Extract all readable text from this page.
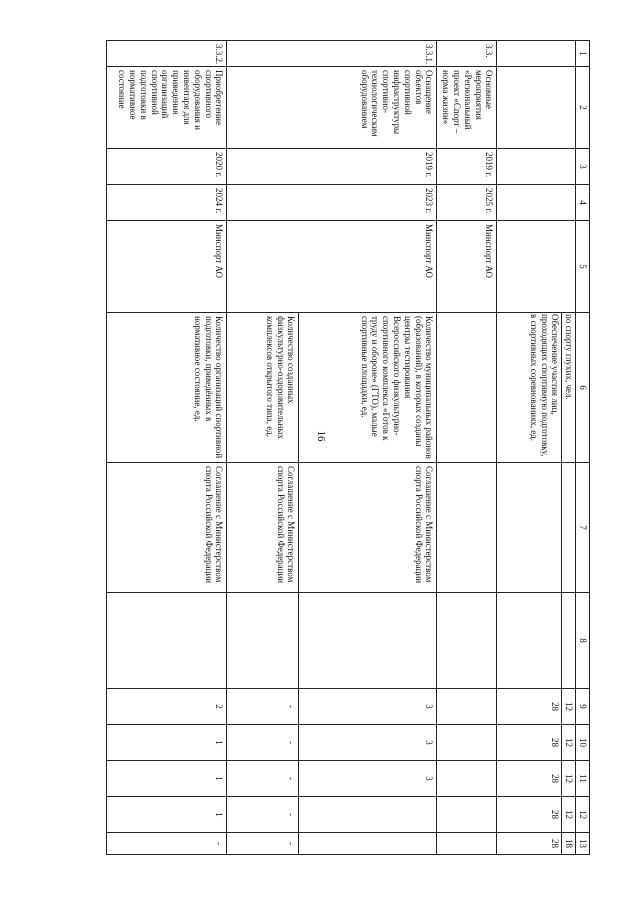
16
1	2	3	4	5	6	7	8	9	10	11	12	13
					по спорту глухих, чел.			12	12	12	12	18
					Обеспечение участия лиц, проходящих спортивную подготовку, в спортивных соревнованиях, ед.			28	28	28	28	28
3.3.	Основные мероприятия «Региональный проект «Спорт – норма жизни»	2019 г.	2025 г.	Минспорт АО								
3.3.1.	Оснащение объектов спортивной инфраструктуры спортивно-технологическим оборудованием	2019 г.	2023 г.	Минспорт АО	Количество муниципальных районов (образований), в которых созданы центры тестирования Всероссийского физкультурно-спортивного комплекса «Готов к труду и обороне» (ГТО), малые спортивные площадки, ед.	Соглашение с Министерством спорта Российской Федерации		3	3	3		
					Количество созданных физкультурно-оздоровительных комплексов открытого типа, ед.	Соглашение с Министерством спорта Российской Федерации		-	-	-	-	-
3.3.2.	Приобретение спортивного оборудования и инвентаря для приведения организаций спортивной подготовки в нормативное состояние	2020 г.	2024 г.	Минспорт АО	Количество организаций спортивной подготовки, приведённых в нормативное состояние, ед.	Соглашение с Министерством спорта Российской Федерации		2	1	1	1	-
